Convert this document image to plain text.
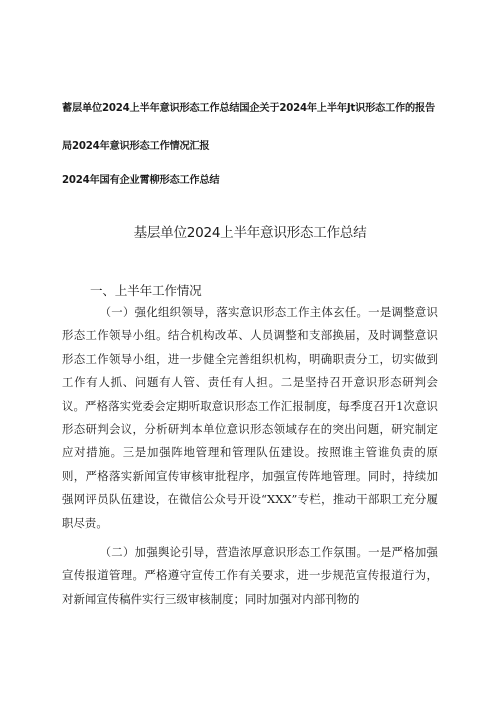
蓄层单位2024上半年意识形态工作总结国企关于2024年上半年Jt识形态工作的报告
局2024年意识形态工作情况汇报
2024年国有企业霄柳形态工作总结
基层单位2024上半年意识形态工作总结
一、上半年工作情况

（一）强化组织领导，落实意识形态工作主体玄任。一是调整意识形态工作领导小组。结合机构改革、人员调整和支部换届，及时调整意识形态工作领导小组，进一步健全完善组织机构，明确职责分工，切实做到工作有人抓、问题有人管、责任有人担。二是坚持召开意识形态研判会议。严格落实党委会定期听取意识形态工作汇报制度，每季度召开1次意识形态研判会议，分析研判本单位意识形态领域存在的突出问题，研究制定应对措施。三是加强阵地管理和管理队伍建设。按照谁主管谁负责的原则，严格落实新闻宣传审核审批程序，加强宣传阵地管理。同时，持续加强网评员队伍建设，在微信公众号开设“XXX”专栏，推动干部职工充分履职尽责。

（二）加强舆论引导，营造浓厚意识形态工作氛围。一是严格加强宣传报道管理。严格遵守宣传工作有关要求，进一步规范宣传报道行为，对新闻宣传稿件实行三级审核制度；同时加强对内部刊物的
